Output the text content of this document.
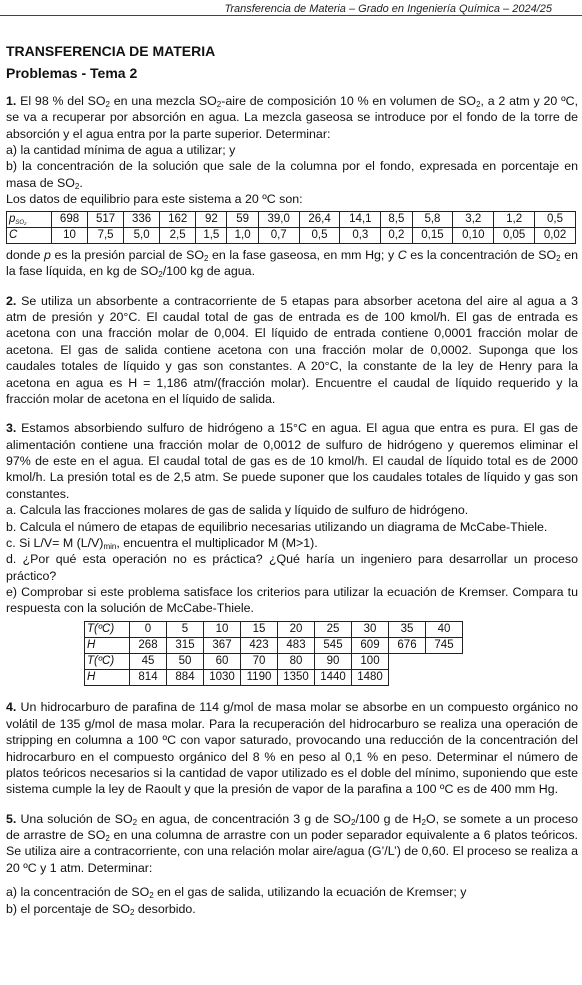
Transferencia de Materia – Grado en Ingeniería Química – 2024/25

TRANSFERENCIA DE MATERIA

Problemas - Tema 2

1. El 98 % del $SO_2$ en una mezcla $SO_2$-aire de composición 10 % en volumen de $SO_2$, a 2 atm y 20 ºC, se va a recuperar por absorción en agua. La mezcla gaseosa se introduce por el fondo de la torre de absorción y el agua entra por la parte superior. Determinar:

a) la cantidad mínima de agua a utilizar; y

b) la concentración de la solución que sale de la columna por el fondo, expresada en porcentaje en masa de $SO_2$.

Los datos de equilibrio para este sistema a 20 ºC son:

$p_{SO_2}$	698	517	336	162	92	59	39,0	26,4	14,1	8,5	5,8	3,2	1,2	0,5
C	10	7,5	5,0	2,5	1,5	1,0	0,7	0,5	0,3	0,2	0,15	0,10	0,05	0,02

donde p es la presión parcial de $SO_2$ en la fase gaseosa, en mm Hg; y C es la concentración de $SO_2$ en la fase líquida, en kg de $SO_2/100$ kg de agua.

2. Se utiliza un absorbente a contracorriente de 5 etapas para absorber acetona del aire al agua a 3 atm de presión y 20°C. El caudal total de gas de entrada es de 100 kmol/h. El gas de entrada es acetona con una fracción molar de 0,004. El líquido de entrada contiene 0,0001 fracción molar de acetona. El gas de salida contiene acetona con una fracción molar de 0,0002. Suponga que los caudales totales de líquido y gas son constantes. A 20°C, la constante de la ley de Henry para la acetona en agua es H = 1,186 atm/(fracción molar). Encuentre el caudal de líquido requerido y la fracción molar de acetona en el líquido de salida.

3. Estamos absorbiendo sulfuro de hidrógeno a 15°C en agua. El agua que entra es pura. El gas de alimentación contiene una fracción molar de 0,0012 de sulfuro de hidrógeno y queremos eliminar el 97% de este en el agua. El caudal total de gas es de 10 kmol/h. El caudal de líquido total es de 2000 kmol/h. La presión total es de 2,5 atm. Se puede suponer que los caudales totales de líquido y gas son constantes.

a. Calcula las fracciones molares de gas de salida y líquido de sulfuro de hidrógeno.

b. Calcula el número de etapas de equilibrio necesarias utilizando un diagrama de McCabe-Thiele.

c. Si L/V= M $(L/V)_{min}$, encuentra el multiplicador M (M>1).

d. ¿Por qué esta operación no es práctica? ¿Qué haría un ingeniero para desarrollar un proceso práctico?

e) Comprobar si este problema satisface los criterios para utilizar la ecuación de Kremser. Compara tu respuesta con la solución de McCabe-Thiele.

T(ºC)	0	5	10	15	20	25	30	35	40
H	268	315	367	423	483	545	609	676	745
T(ºC)	45	50	60	70	80	90	100		
H	814	884	1030	1190	1350	1440	1480		

4. Un hidrocarburo de parafina de 114 g/mol de masa molar se absorbe en un compuesto orgánico no volátil de 135 g/mol de masa molar. Para la recuperación del hidrocarburo se realiza una operación de stripping en columna a 100 ºC con vapor saturado, provocando una reducción de la concentración del hidrocarburo en el compuesto orgánico del 8 % en peso al 0,1 % en peso. Determinar el número de platos teóricos necesarios si la cantidad de vapor utilizado es el doble del mínimo, suponiendo que este sistema cumple la ley de Raoult y que la presión de vapor de la parafina a 100 ºC es de 400 mm Hg.

5. Una solución de $SO_2$ en agua, de concentración 3 g de $SO_2/100$ g de $H_2O$, se somete a un proceso de arrastre de $SO_2$ en una columna de arrastre con un poder separador equivalente a 6 platos teóricos. Se utiliza aire a contracorriente, con una relación molar aire/agua (G’/L’) de 0,60. El proceso se realiza a 20 ºC y 1 atm. Determinar:

a) la concentración de $SO_2$ en el gas de salida, utilizando la ecuación de Kremser; y

b) el porcentaje de $SO_2$ desorbido.
